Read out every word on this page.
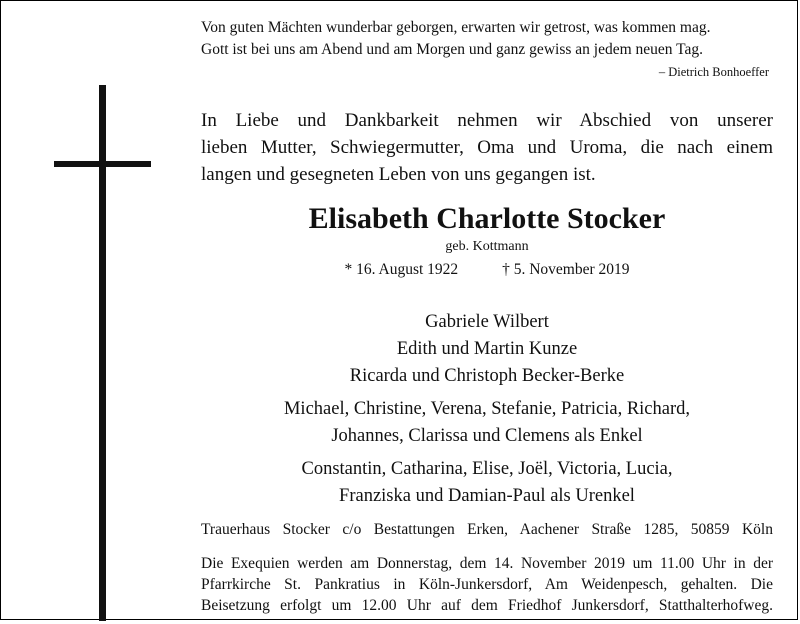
Von guten Mächten wunderbar geborgen, erwarten wir getrost, was kommen mag.
Gott ist bei uns am Abend und am Morgen und ganz gewiss an jedem neuen Tag.
– Dietrich Bonhoeffer
In Liebe und Dankbarkeit nehmen wir Abschied von unserer
lieben Mutter, Schwiegermutter, Oma und Uroma, die nach einem
langen und gesegneten Leben von uns gegangen ist.
Elisabeth Charlotte Stocker
geb. Kottmann
* 16. August 1922	† 5. November 2019
Gabriele Wilbert
Edith und Martin Kunze
Ricarda und Christoph Becker-Berke
Michael, Christine, Verena, Stefanie, Patricia, Richard,
Johannes, Clarissa und Clemens als Enkel
Constantin, Catharina, Elise, Joël, Victoria, Lucia,
Franziska und Damian-Paul als Urenkel
Trauerhaus Stocker c/o Bestattungen Erken, Aachener Straße 1285, 50859 Köln
Die Exequien werden am Donnerstag, dem 14. November 2019 um 11.00 Uhr in der
Pfarrkirche St. Pankratius in Köln-Junkersdorf, Am Weidenpesch, gehalten. Die
Beisetzung erfolgt um 12.00 Uhr auf dem Friedhof Junkersdorf, Statthalterhofweg.
